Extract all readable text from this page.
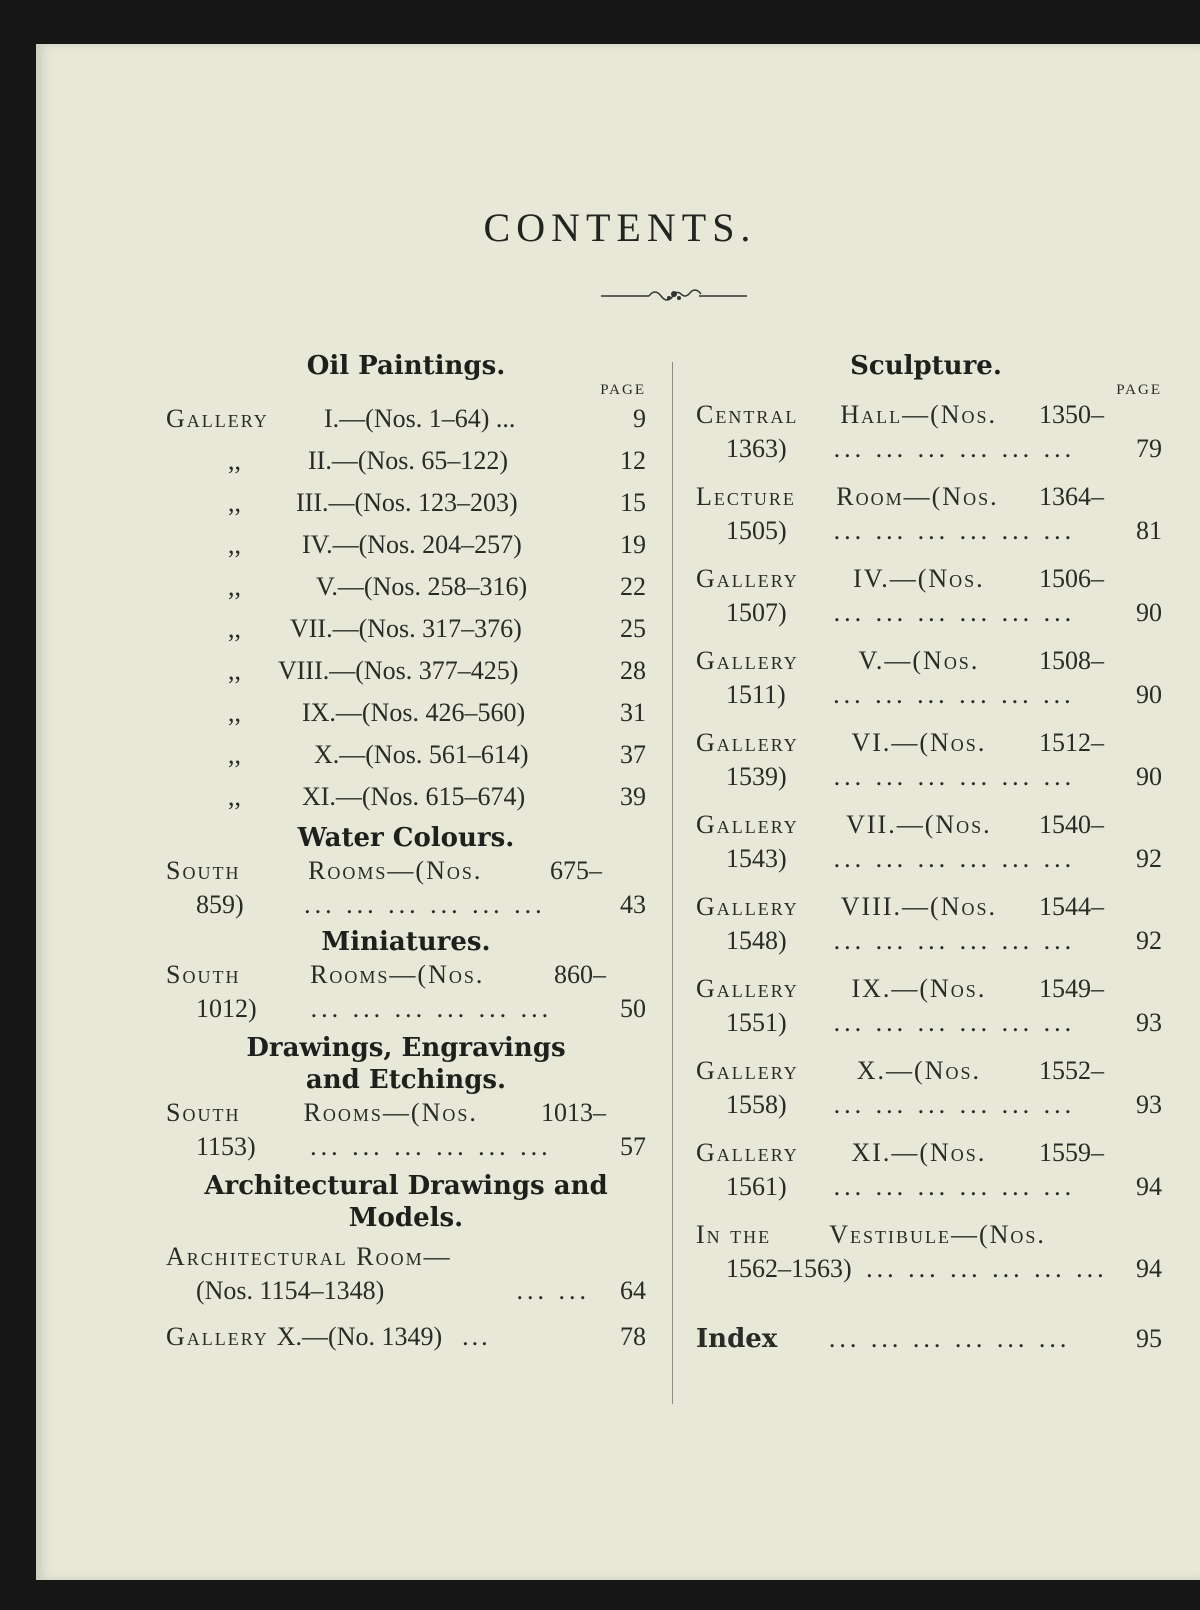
CONTENTS.
Oil Paintings.
PAGE
Gallery	I.—(Nos. 1–64) ...	9
,,	II.—(Nos. 65–122)	12
,,	III.—(Nos. 123–203)	15
,,	IV.—(Nos. 204–257)	19
,,	V.—(Nos. 258–316)	22
,,	VII.—(Nos. 317–376)	25
,,	VIII.—(Nos. 377–425)	28
,,	IX.—(Nos. 426–560)	31
,,	X.—(Nos. 561–614)	37
,,	XI.—(Nos. 615–674)	39
Water Colours.
South	Rooms—(Nos.	675–
859)	... ... ... ... ... ...	43
Miniatures.
South	Rooms—(Nos.	860–
1012)	... ... ... ... ... ...	50
Drawings, Engravings
and Etchings.
South Rooms—(Nos. 1013–
1153)	... ... ... ... ... ...	57
Architectural Drawings and
Models.
Architectural Room—
(Nos. 1154–1348)	... ...	64
Gallery X.—(No. 1349) ...	78
Sculpture.
PAGE
Central Hall—(Nos. 1350–
1363)	... ... ... ... ... ...	79
Lecture Room—(Nos. 1364–
1505)	... ... ... ... ... ...	81
Gallery IV.—(Nos. 1506–
1507)	... ... ... ... ... ...	90
Gallery V.—(Nos. 1508–
1511)	... ... ... ... ... ...	90
Gallery VI.—(Nos. 1512–
1539)	... ... ... ... ... ...	90
Gallery VII.—(Nos. 1540–
1543)	... ... ... ... ... ...	92
Gallery VIII.—(Nos. 1544–
1548)	... ... ... ... ... ...	92
Gallery IX.—(Nos. 1549–
1551)	... ... ... ... ... ...	93
Gallery X.—(Nos. 1552–
1558)	... ... ... ... ... ...	93
Gallery XI.—(Nos. 1559–
1561)	... ... ... ... ... ...	94
In the Vestibule—(Nos.
1562–1563) ... ... ... ... ... ...	94
Index	... ... ... ... ... ...	95
